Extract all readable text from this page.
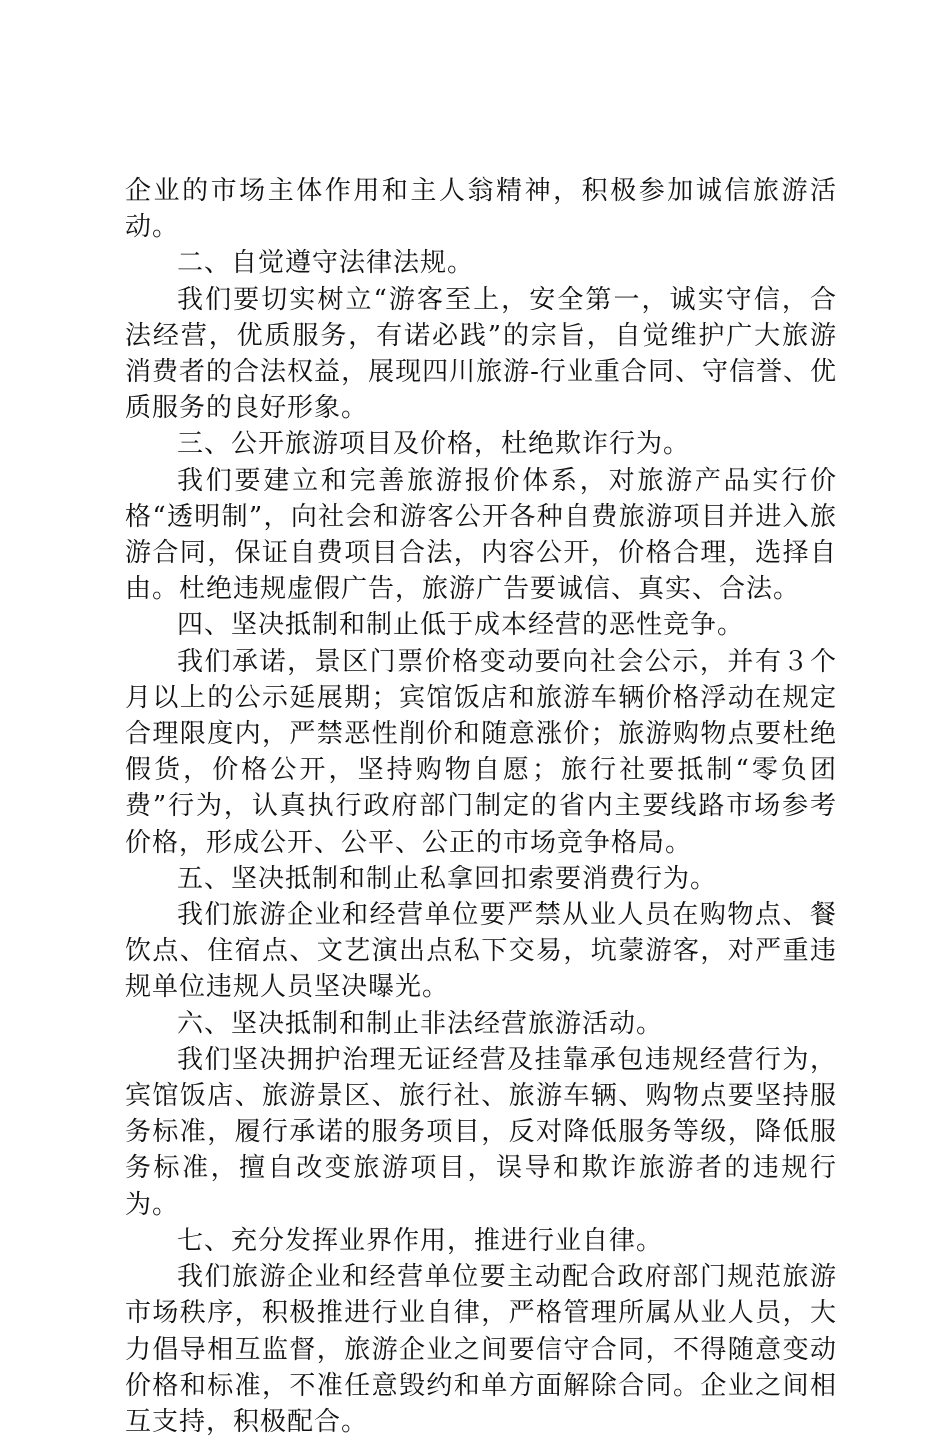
企业的市场主体作用和主人翁精神，积极参加诚信旅游活动。

二、自觉遵守法律法规。

我们要切实树立“游客至上，安全第一，诚实守信，合法经营，优质服务，有诺必践”的宗旨，自觉维护广大旅游消费者的合法权益，展现四川旅游-行业重合同、守信誉、优质服务的良好形象。

三、公开旅游项目及价格，杜绝欺诈行为。

我们要建立和完善旅游报价体系，对旅游产品实行价格“透明制”，向社会和游客公开各种自费旅游项目并进入旅游合同，保证自费项目合法，内容公开，价格合理，选择自由。杜绝违规虚假广告，旅游广告要诚信、真实、合法。

四、坚决抵制和制止低于成本经营的恶性竞争。

我们承诺，景区门票价格变动要向社会公示，并有３个月以上的公示延展期；宾馆饭店和旅游车辆价格浮动在规定合理限度内，严禁恶性削价和随意涨价；旅游购物点要杜绝假货，价格公开，坚持购物自愿；旅行社要抵制“零负团费”行为，认真执行政府部门制定的省内主要线路市场参考价格，形成公开、公平、公正的市场竞争格局。

五、坚决抵制和制止私拿回扣索要消费行为。

我们旅游企业和经营单位要严禁从业人员在购物点、餐饮点、住宿点、文艺演出点私下交易，坑蒙游客，对严重违规单位违规人员坚决曝光。

六、坚决抵制和制止非法经营旅游活动。

我们坚决拥护治理无证经营及挂靠承包违规经营行为，宾馆饭店、旅游景区、旅行社、旅游车辆、购物点要坚持服务标准，履行承诺的服务项目，反对降低服务等级，降低服务标准，擅自改变旅游项目，误导和欺诈旅游者的违规行为。

七、充分发挥业界作用，推进行业自律。

我们旅游企业和经营单位要主动配合政府部门规范旅游市场秩序，积极推进行业自律，严格管理所属从业人员，大力倡导相互监督，旅游企业之间要信守合同，不得随意变动价格和标准，不准任意毁约和单方面解除合同。企业之间相互支持，积极配合。
